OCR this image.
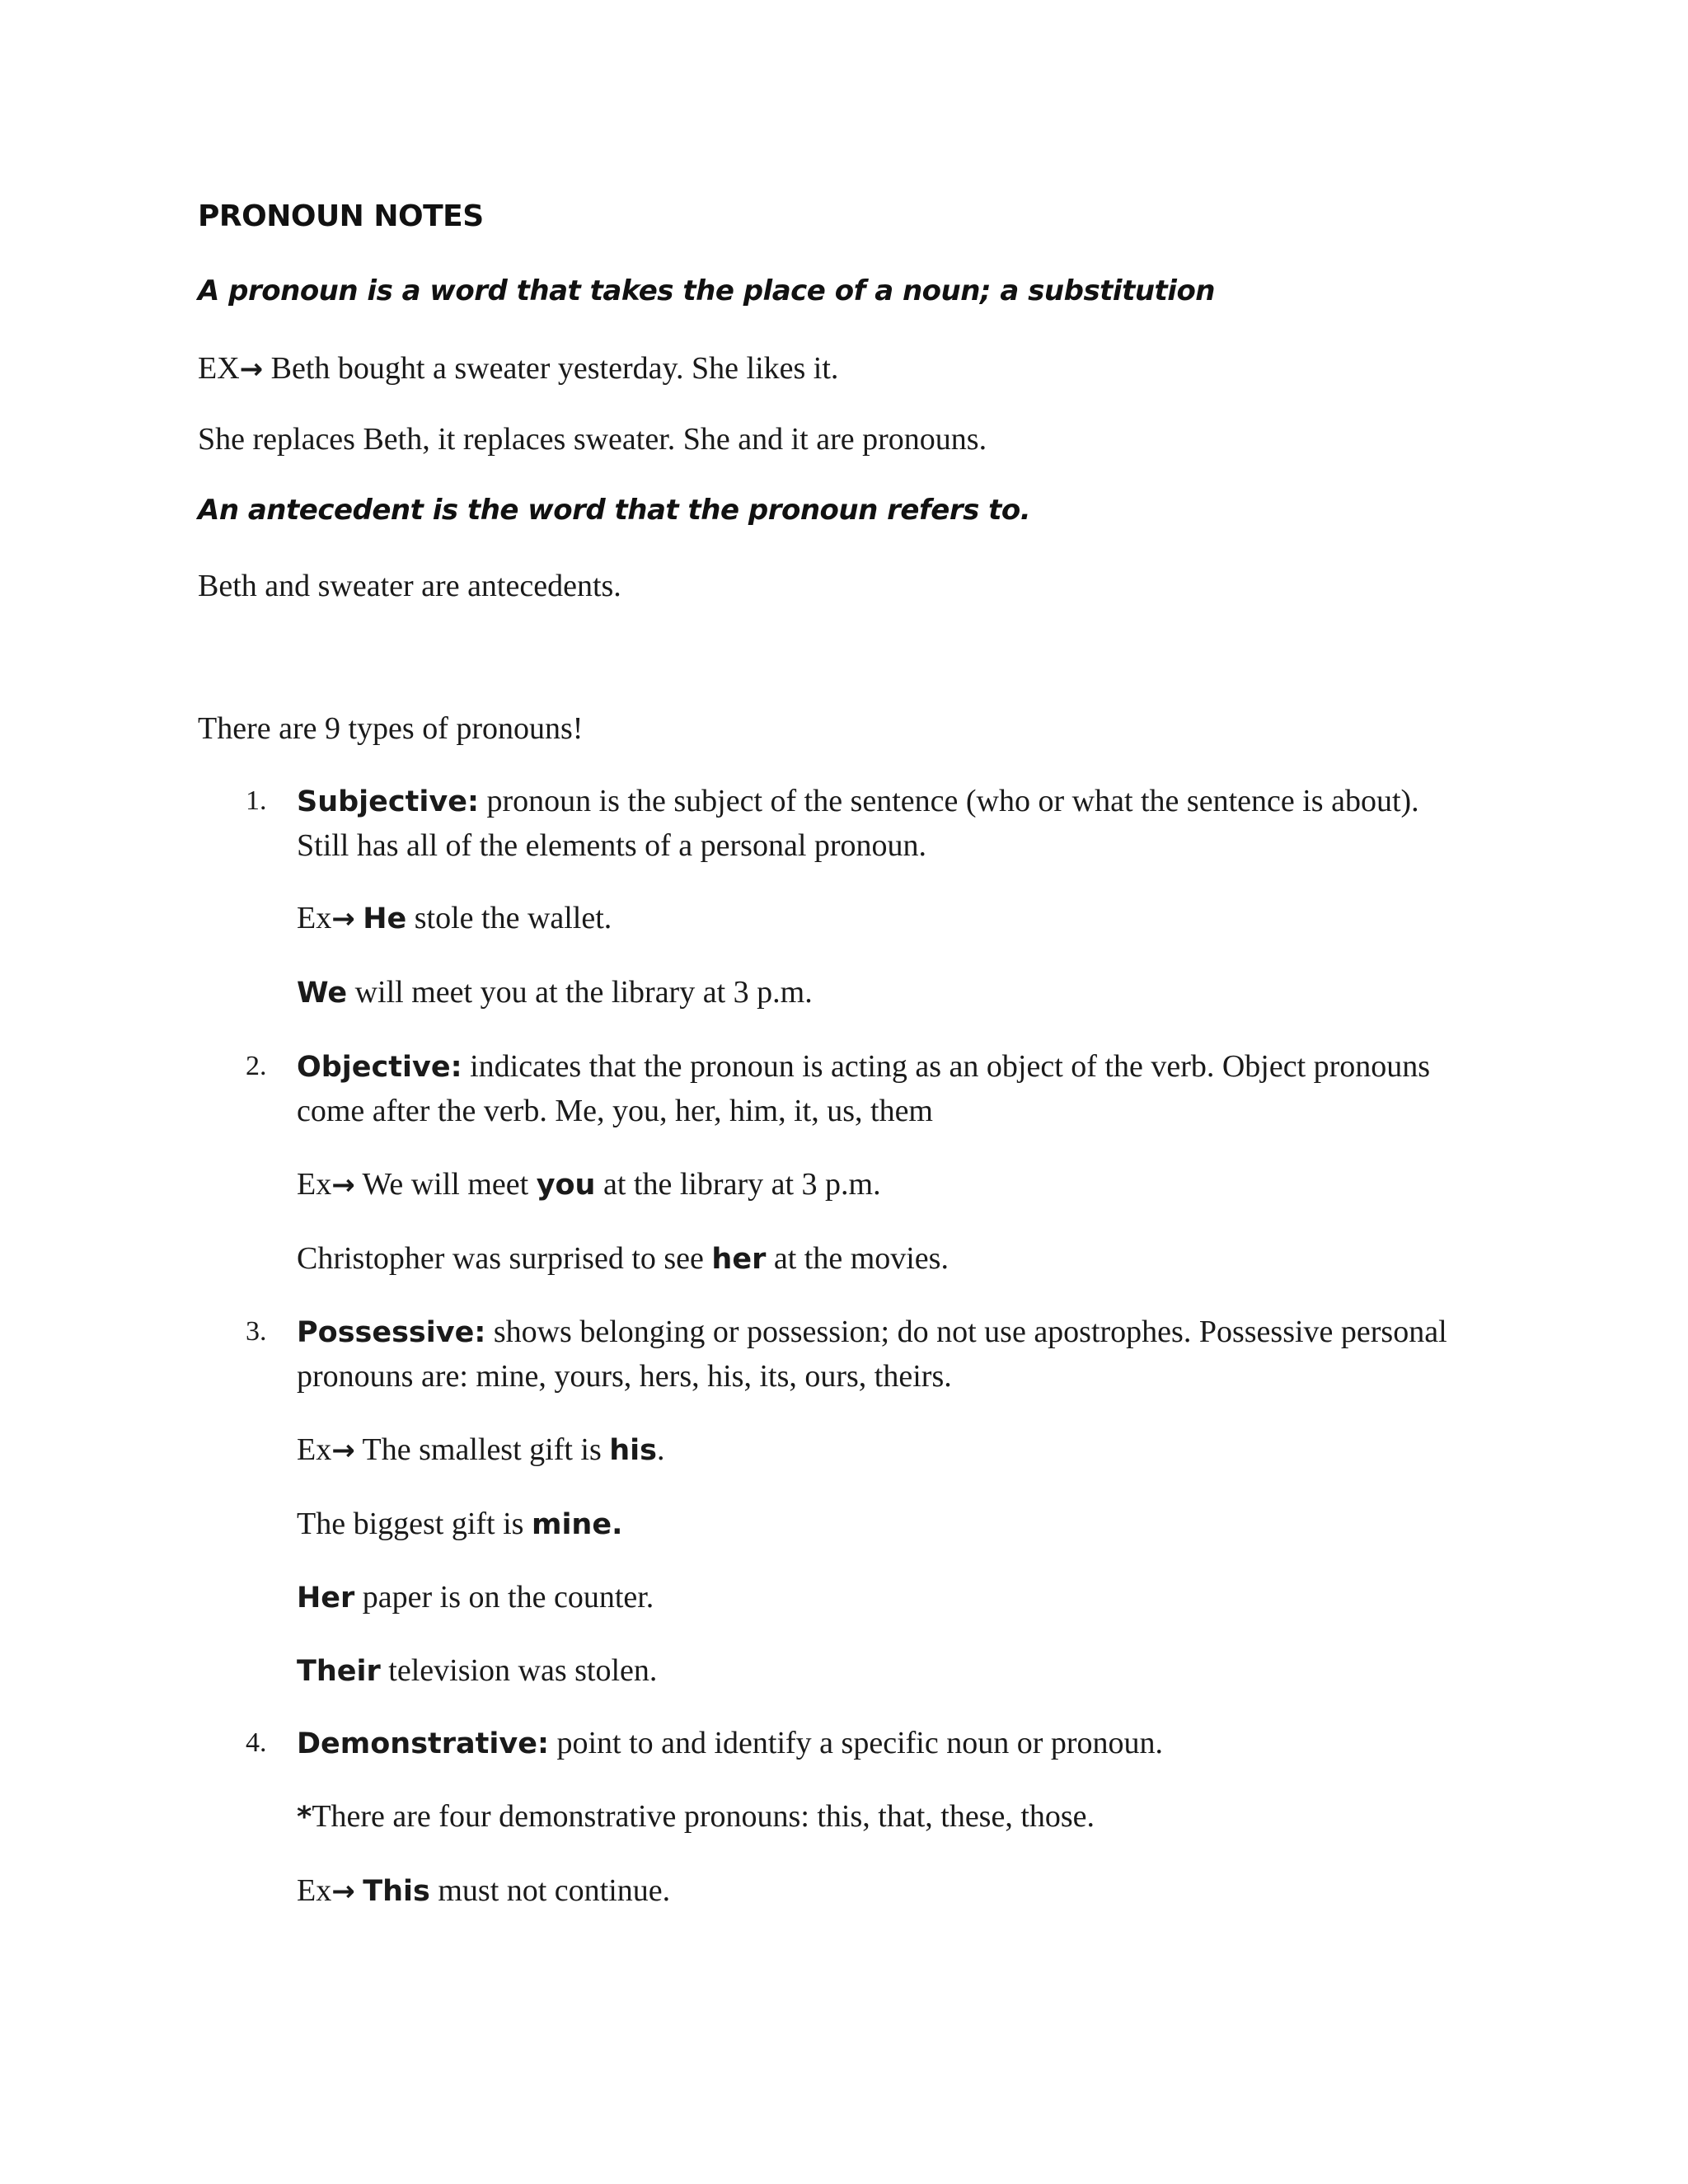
PRONOUN NOTES
A pronoun is a word that takes the place of a noun; a substitution
EX→ Beth bought a sweater yesterday. She likes it.
She replaces Beth, it replaces sweater. She and it are pronouns.
An antecedent is the word that the pronoun refers to.
Beth and sweater are antecedents.
There are 9 types of pronouns!
1. Subjective: pronoun is the subject of the sentence (who or what the sentence is about).
Still has all of the elements of a personal pronoun.
Ex→ He stole the wallet.
We will meet you at the library at 3 p.m.
2. Objective: indicates that the pronoun is acting as an object of the verb. Object pronouns
come after the verb. Me, you, her, him, it, us, them
Ex→ We will meet you at the library at 3 p.m.
Christopher was surprised to see her at the movies.
3. Possessive: shows belonging or possession; do not use apostrophes. Possessive personal
pronouns are: mine, yours, hers, his, its, ours, theirs.
Ex→ The smallest gift is his.
The biggest gift is mine.
Her paper is on the counter.
Their television was stolen.
4. Demonstrative: point to and identify a specific noun or pronoun.
*There are four demonstrative pronouns: this, that, these, those.
Ex→ This must not continue.
